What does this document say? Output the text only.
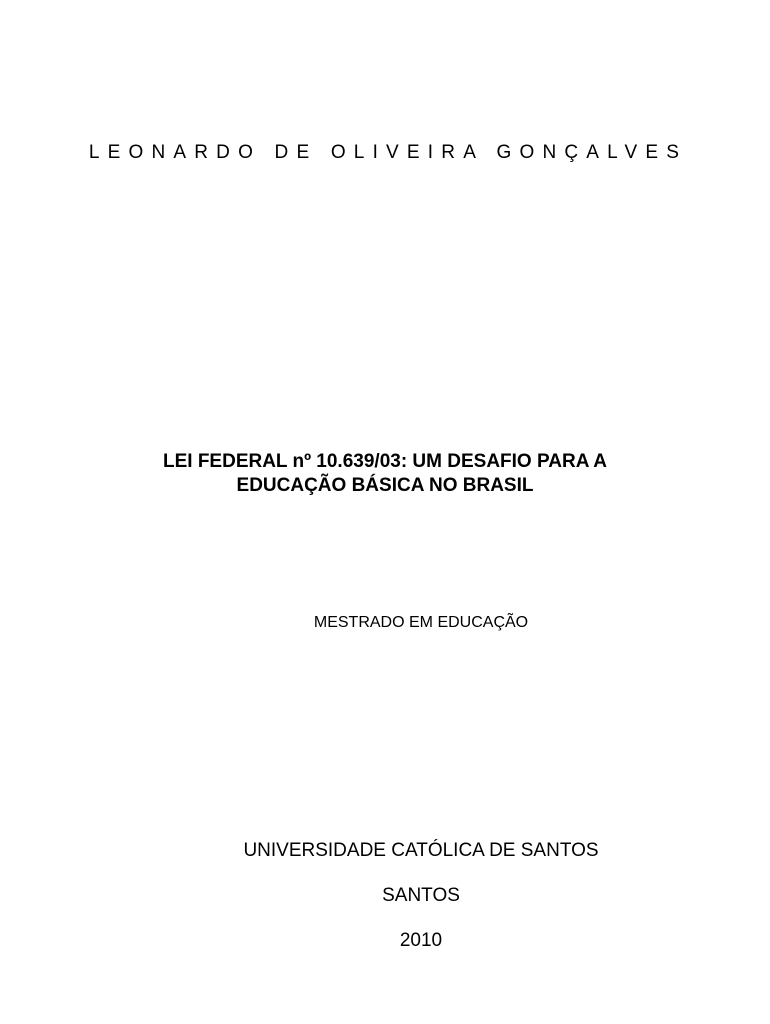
LEONARDO DE OLIVEIRA GONÇALVES
LEI FEDERAL nº 10.639/03: UM DESAFIO PARA A
EDUCAÇÃO BÁSICA NO BRASIL
MESTRADO EM EDUCAÇÃO
UNIVERSIDADE CATÓLICA DE SANTOS
SANTOS
2010
